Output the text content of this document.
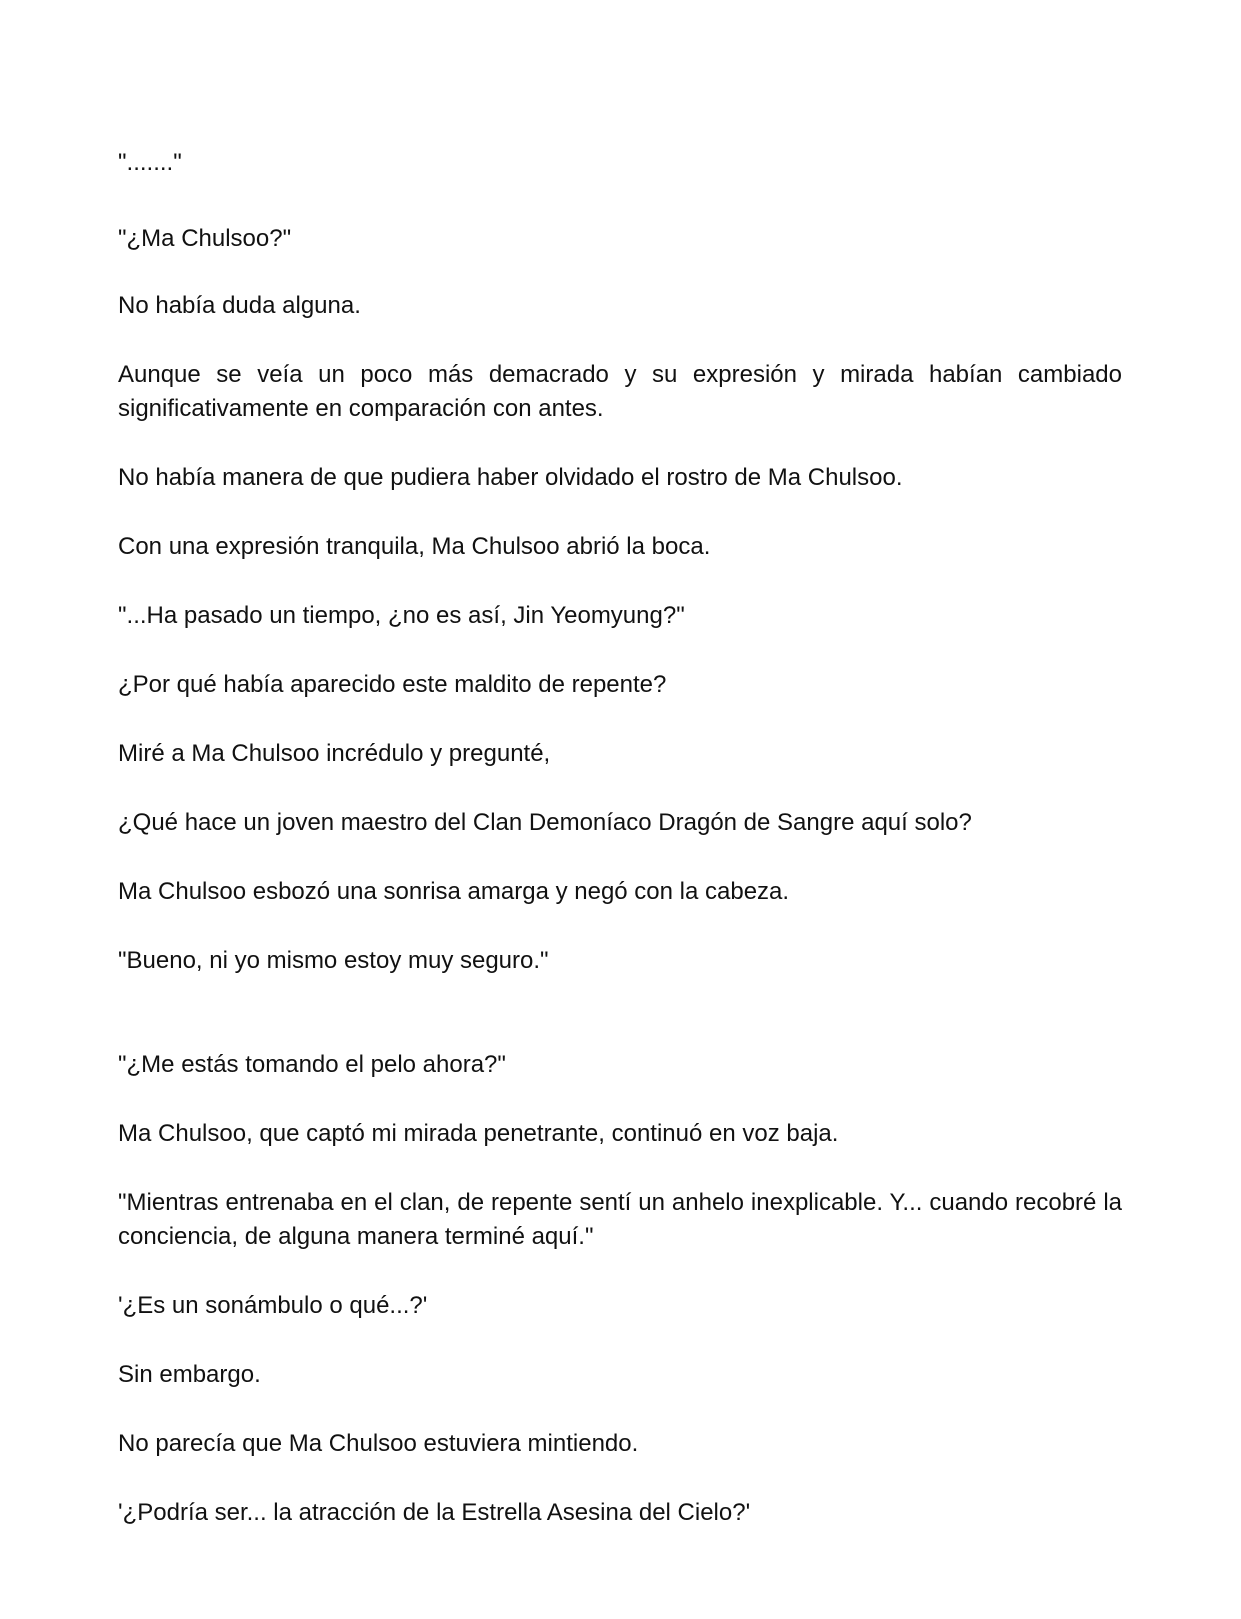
"......."

"¿Ma Chulsoo?"

No había duda alguna.

Aunque se veía un poco más demacrado y su expresión y mirada habían cambiado significativamente en comparación con antes.

No había manera de que pudiera haber olvidado el rostro de Ma Chulsoo.

Con una expresión tranquila, Ma Chulsoo abrió la boca.

"...Ha pasado un tiempo, ¿no es así, Jin Yeomyung?"

¿Por qué había aparecido este maldito de repente?

Miré a Ma Chulsoo incrédulo y pregunté,

¿Qué hace un joven maestro del Clan Demoníaco Dragón de Sangre aquí solo?

Ma Chulsoo esbozó una sonrisa amarga y negó con la cabeza.

"Bueno, ni yo mismo estoy muy seguro."

"¿Me estás tomando el pelo ahora?"

Ma Chulsoo, que captó mi mirada penetrante, continuó en voz baja.

"Mientras entrenaba en el clan, de repente sentí un anhelo inexplicable. Y... cuando recobré la conciencia, de alguna manera terminé aquí."

'¿Es un sonámbulo o qué...?'

Sin embargo.

No parecía que Ma Chulsoo estuviera mintiendo.

'¿Podría ser... la atracción de la Estrella Asesina del Cielo?'
